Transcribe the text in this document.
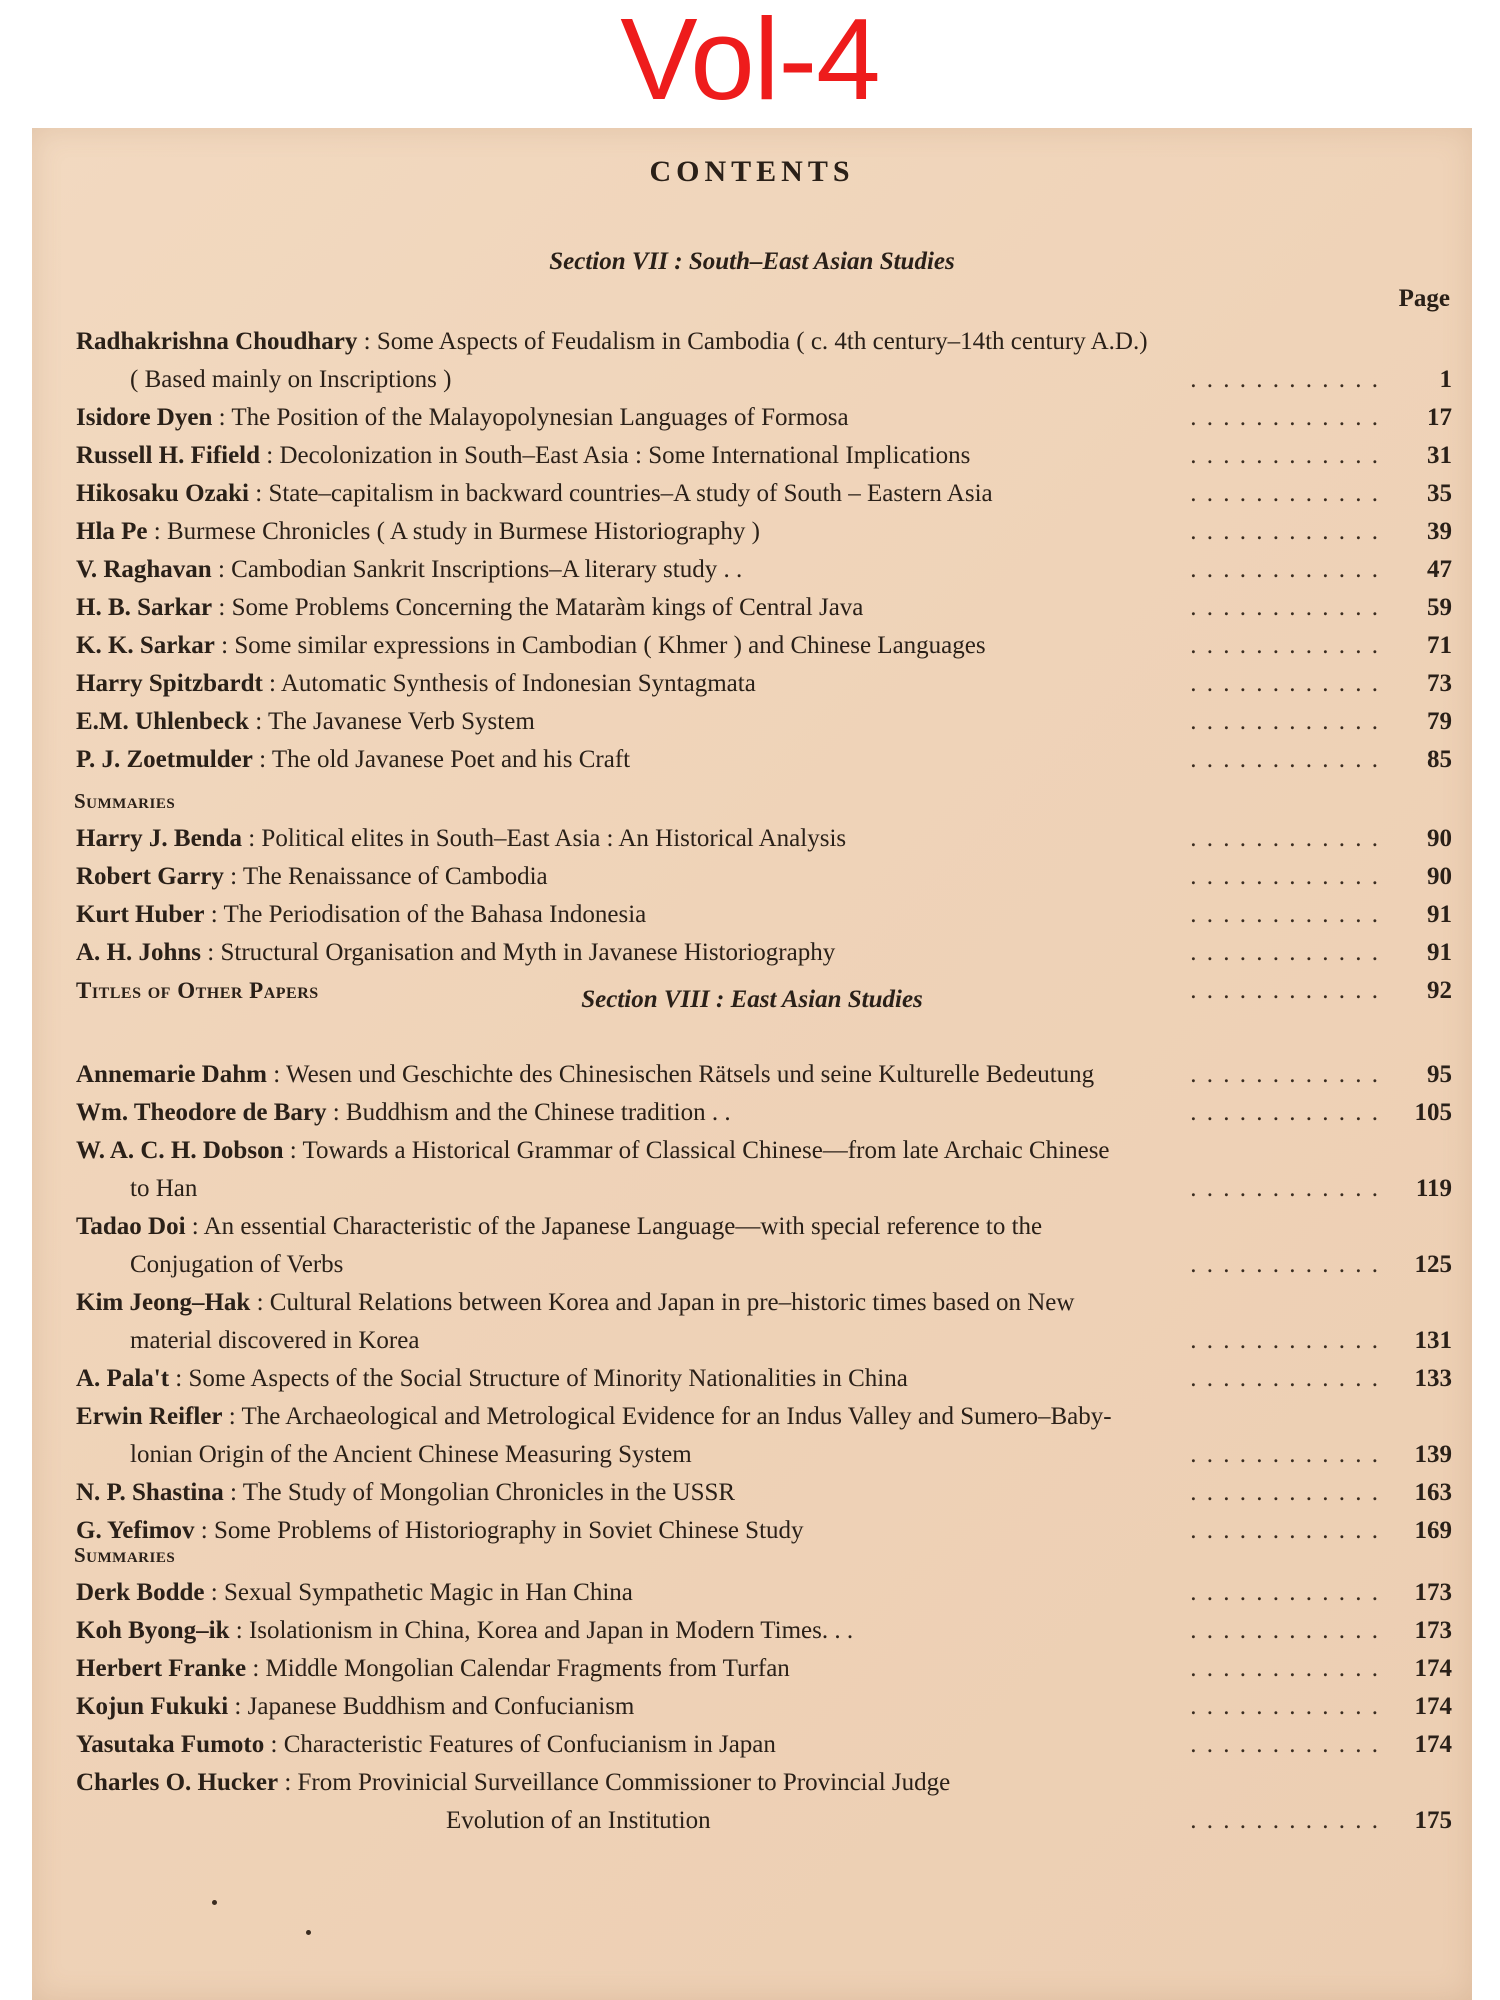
Vol-4
CONTENTS
Page
Section VII : South–East Asian Studies
Radhakrishna Choudhary : Some Aspects of Feudalism in Cambodia ( c. 4th century–14th century A.D.)
( Based mainly on Inscriptions )	. . . . . . . . . . . .	1
Isidore Dyen : The Position of the Malayopolynesian Languages of Formosa	. . . . . . . . . . . .	17
Russell H. Fifield : Decolonization in South–East Asia : Some International Implications	. . . . . . . . . . . .	31
Hikosaku Ozaki : State–capitalism in backward countries–A study of South – Eastern Asia	. . . . . . . . . . . .	35
Hla Pe : Burmese Chronicles ( A study in Burmese Historiography )	. . . . . . . . . . . .	39
V. Raghavan : Cambodian Sankrit Inscriptions–A literary study . .	. . . . . . . . . . . .	47
H. B. Sarkar : Some Problems Concerning the Mataràm kings of Central Java	. . . . . . . . . . . .	59
K. K. Sarkar : Some similar expressions in Cambodian ( Khmer ) and Chinese Languages	. . . . . . . . . . . .	71
Harry Spitzbardt : Automatic Synthesis of Indonesian Syntagmata	. . . . . . . . . . . .	73
E.M. Uhlenbeck : The Javanese Verb System	. . . . . . . . . . . .	79
P. J. Zoetmulder : The old Javanese Poet and his Craft	. . . . . . . . . . . .	85
Summaries
Harry J. Benda : Political elites in South–East Asia : An Historical Analysis	. . . . . . . . . . . .	90
Robert Garry : The Renaissance of Cambodia	. . . . . . . . . . . .	90
Kurt Huber : The Periodisation of the Bahasa Indonesia	. . . . . . . . . . . .	91
A. H. Johns : Structural Organisation and Myth in Javanese Historiography	. . . . . . . . . . . .	91
Titles of Other Papers	. . . . . . . . . . . .	92
Section VIII : East Asian Studies
Annemarie Dahm : Wesen und Geschichte des Chinesischen Rätsels und seine Kulturelle Bedeutung	. . . . . . . . . . . .	95
Wm. Theodore de Bary : Buddhism and the Chinese tradition . .	. . . . . . . . . . . .	105
W. A. C. H. Dobson : Towards a Historical Grammar of Classical Chinese—from late Archaic Chinese
to Han	. . . . . . . . . . . .	119
Tadao Doi : An essential Characteristic of the Japanese Language—with special reference to the
Conjugation of Verbs	. . . . . . . . . . . .	125
Kim Jeong–Hak : Cultural Relations between Korea and Japan in pre–historic times based on New
material discovered in Korea	. . . . . . . . . . . .	131
A. Pala't : Some Aspects of the Social Structure of Minority Nationalities in China	. . . . . . . . . . . .	133
Erwin Reifler : The Archaeological and Metrological Evidence for an Indus Valley and Sumero–Baby-
lonian Origin of the Ancient Chinese Measuring System	. . . . . . . . . . . .	139
N. P. Shastina : The Study of Mongolian Chronicles in the USSR	. . . . . . . . . . . .	163
G. Yefimov : Some Problems of Historiography in Soviet Chinese Study	. . . . . . . . . . . .	169
Summaries
Derk Bodde : Sexual Sympathetic Magic in Han China	. . . . . . . . . . . .	173
Koh Byong–ik : Isolationism in China, Korea and Japan in Modern Times. . .	. . . . . . . . . . . .	173
Herbert Franke : Middle Mongolian Calendar Fragments from Turfan	. . . . . . . . . . . .	174
Kojun Fukuki : Japanese Buddhism and Confucianism	. . . . . . . . . . . .	174
Yasutaka Fumoto : Characteristic Features of Confucianism in Japan	. . . . . . . . . . . .	174
Charles O. Hucker : From Provinicial Surveillance Commissioner to Provincial Judge
Evolution of an Institution	. . . . . . . . . . . .	175
